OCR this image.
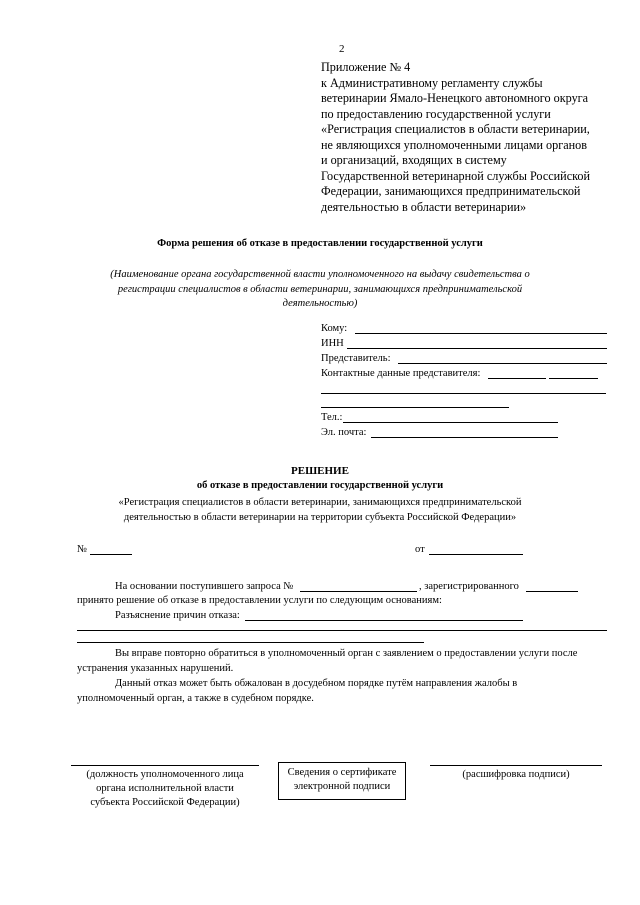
2
Приложение № 4
к Административному регламенту службы
ветеринарии Ямало-Ненецкого автономного округа
по предоставлению государственной услуги
«Регистрация специалистов в области ветеринарии,
не являющихся уполномоченными лицами органов
и организаций, входящих в систему
Государственной ветеринарной службы Российской
Федерации, занимающихся предпринимательской
деятельностью в области ветеринарии»
Форма решения об отказе в предоставлении государственной услуги
(Наименование органа государственной власти уполномоченного на выдачу свидетельства о
регистрации специалистов в области ветеринарии, занимающихся предпринимательской
деятельностью)
Кому:
ИНН
Представитель:
Контактные данные представителя:
Тел.:
Эл. почта:
РЕШЕНИЕ
об отказе в предоставлении государственной услуги
«Регистрация специалистов в области ветеринарии, занимающихся предпринимательской
деятельностью в области ветеринарии на территории субъекта Российской Федерации»
№	от
На основании поступившего запроса №	, зарегистрированного
принято решение об отказе в предоставлении услуги по следующим основаниям:
Разъяснение причин отказа:
Вы вправе повторно обратиться в уполномоченный орган с заявлением о предоставлении услуги после
устранения указанных нарушений.
Данный отказ может быть обжалован в досудебном порядке путём направления жалобы в
уполномоченный орган, а также в судебном порядке.
(должность уполномоченного лица
органа исполнительной власти
субъекта Российской Федерации)
Сведения о сертификате
электронной подписи
(расшифровка подписи)
